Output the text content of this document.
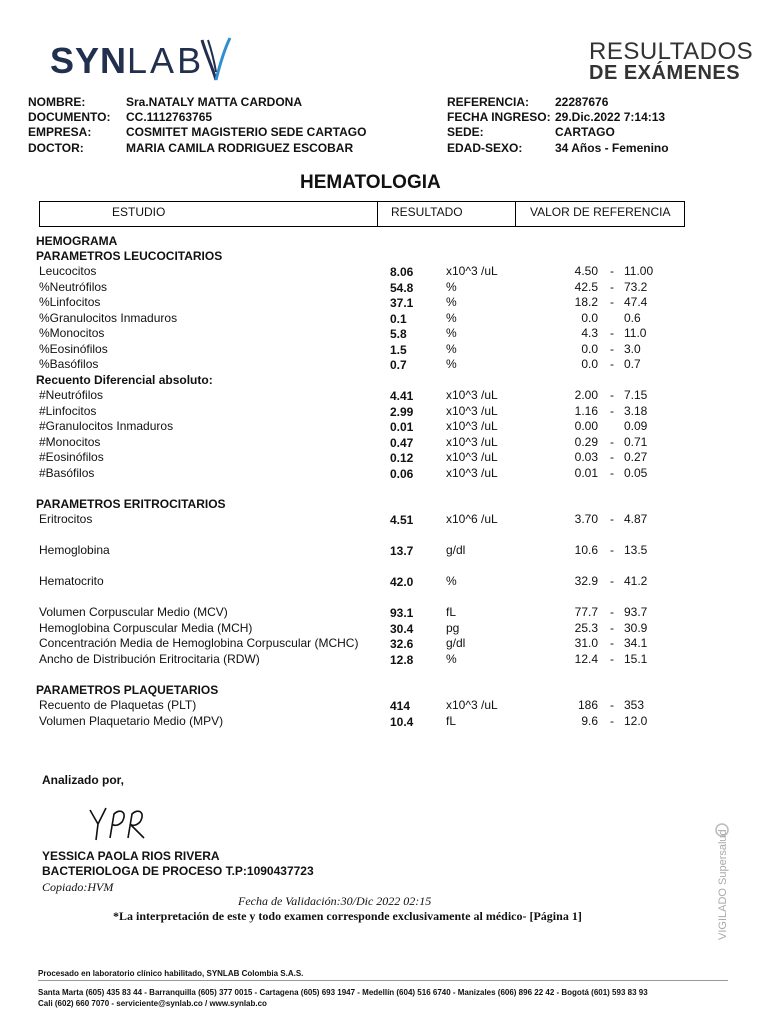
SYNLAB	RESULTADOS
DE EXÁMENES
NOMBRE:	Sra.NATALY MATTA CARDONA
DOCUMENTO: CC.1112763765
EMPRESA:	COSMITET MAGISTERIO SEDE CARTAGO
DOCTOR:	MARIA CAMILA RODRIGUEZ ESCOBAR
REFERENCIA: 22287676
FECHA INGRESO: 29.Dic.2022 7:14:13
SEDE:	CARTAGO
EDAD-SEXO:	34 Años - Femenino
HEMATOLOGIA
ESTUDIO	RESULTADO	VALOR DE REFERENCIA
HEMOGRAMA
PARAMETROS LEUCOCITARIOS
Recuento Diferencial absoluto:
PARAMETROS ERITROCITARIOS
PARAMETROS PLAQUETARIOS
Leucocitos	8.06	x10^3 /uL	4.50 - 11.00
%Neutrófilos	54.8	%	42.5 - 73.2
%Linfocitos	37.1	%	18.2 - 47.4
%Granulocitos Inmaduros	0.1	%	0.0 0.6
%Monocitos	5.8	%	4.3 - 11.0
%Eosinófilos	1.5	%	0.0 - 3.0
%Basófilos	0.7	%	0.0 - 0.7
#Neutrófilos	4.41	x10^3 /uL	2.00 - 7.15
#Linfocitos	2.99	x10^3 /uL	1.16 - 3.18
#Granulocitos Inmaduros	0.01	x10^3 /uL	0.00 0.09
#Monocitos	0.47	x10^3 /uL	0.29 - 0.71
#Eosinófilos	0.12	x10^3 /uL	0.03 - 0.27
#Basófilos	0.06	x10^3 /uL	0.01 - 0.05
Eritrocitos	4.51	x10^6 /uL	3.70 - 4.87
Hemoglobina	13.7	g/dl	10.6 - 13.5
Hematocrito	42.0	%	32.9 - 41.2
Volumen Corpuscular Medio (MCV)	93.1	fL	77.7 - 93.7
Hemoglobina Corpuscular Media (MCH)	30.4	pg	25.3 - 30.9
Concentración Media de Hemoglobina Corpuscular (MCHC)	32.6	g/dl	31.0 - 34.1
Ancho de Distribución Eritrocitaria (RDW)	12.8	%	12.4 - 15.1
Recuento de Plaquetas (PLT)	414	x10^3 /uL	186 - 353
Volumen Plaquetario Medio (MPV)	10.4	fL	9.6 - 12.0
Analizado por,
YESSICA PAOLA RIOS RIVERA
BACTERIOLOGA DE PROCESO T.P:1090437723
Copiado:HVM
Fecha de Validación:30/Dic 2022 02:15
*La interpretación de este y todo examen corresponde exclusivamente al médico- [Página 1]	VIGILADO Supersalud
Procesado en laboratorio clínico habilitado, SYNLAB Colombia S.A.S.
Santa Marta (605) 435 83 44 - Barranquilla (605) 377 0015 - Cartagena (605) 693 1947 - Medellín (604) 516 6740 - Manizales (606) 896 22 42 - Bogotá (601) 593 83 93
Cali (602) 660 7070 - serviciente@synlab.co / www.synlab.co
